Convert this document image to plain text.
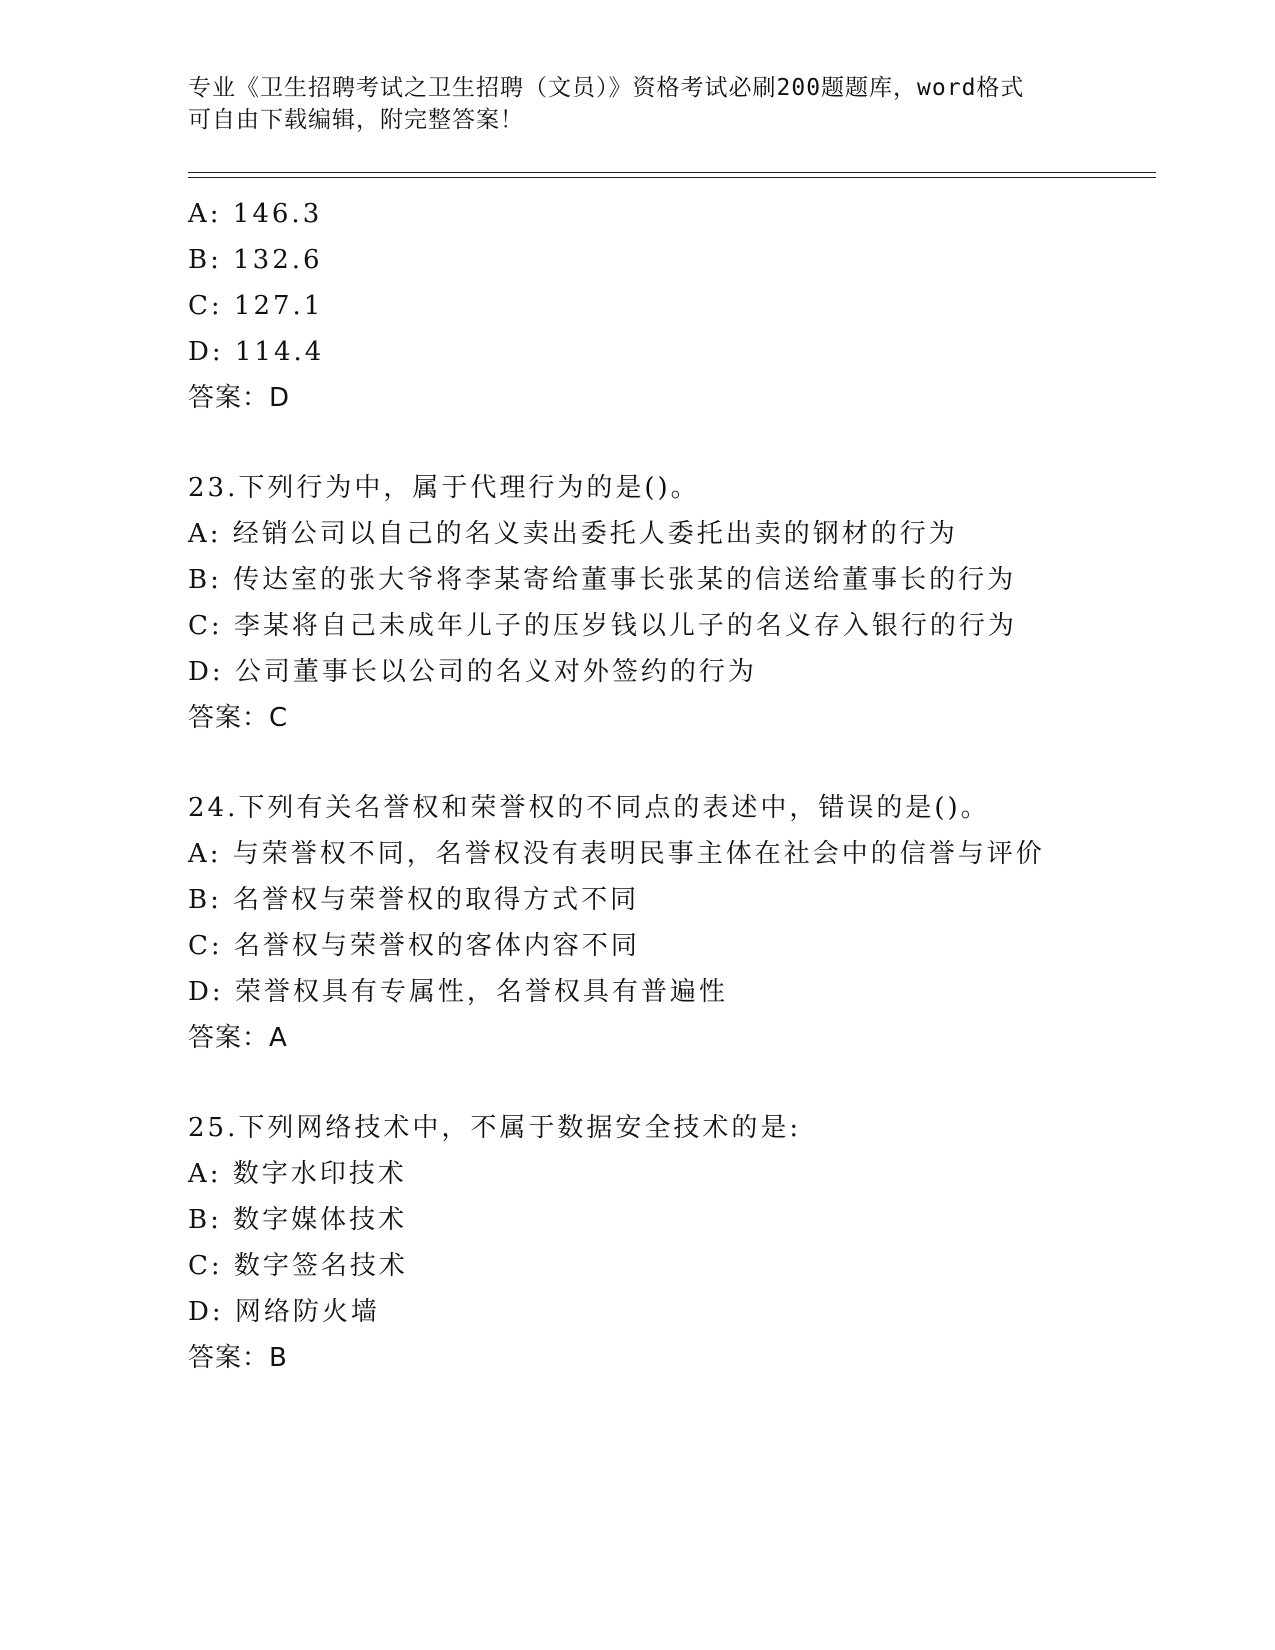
专业《卫生招聘考试之卫生招聘（文员）》资格考试必刷200题题库，word格式
可自由下载编辑，附完整答案！
A: 146.3
B: 132.6
C: 127.1
D: 114.4
答案：D
23.下列行为中，属于代理行为的是()。
A: 经销公司以自己的名义卖出委托人委托出卖的钢材的行为
B: 传达室的张大爷将李某寄给董事长张某的信送给董事长的行为
C: 李某将自己未成年儿子的压岁钱以儿子的名义存入银行的行为
D: 公司董事长以公司的名义对外签约的行为
答案：C
24.下列有关名誉权和荣誉权的不同点的表述中，错误的是()。
A: 与荣誉权不同，名誉权没有表明民事主体在社会中的信誉与评价
B: 名誉权与荣誉权的取得方式不同
C: 名誉权与荣誉权的客体内容不同
D: 荣誉权具有专属性，名誉权具有普遍性
答案：A
25.下列网络技术中，不属于数据安全技术的是:
A: 数字水印技术
B: 数字媒体技术
C: 数字签名技术
D: 网络防火墙
答案：B
